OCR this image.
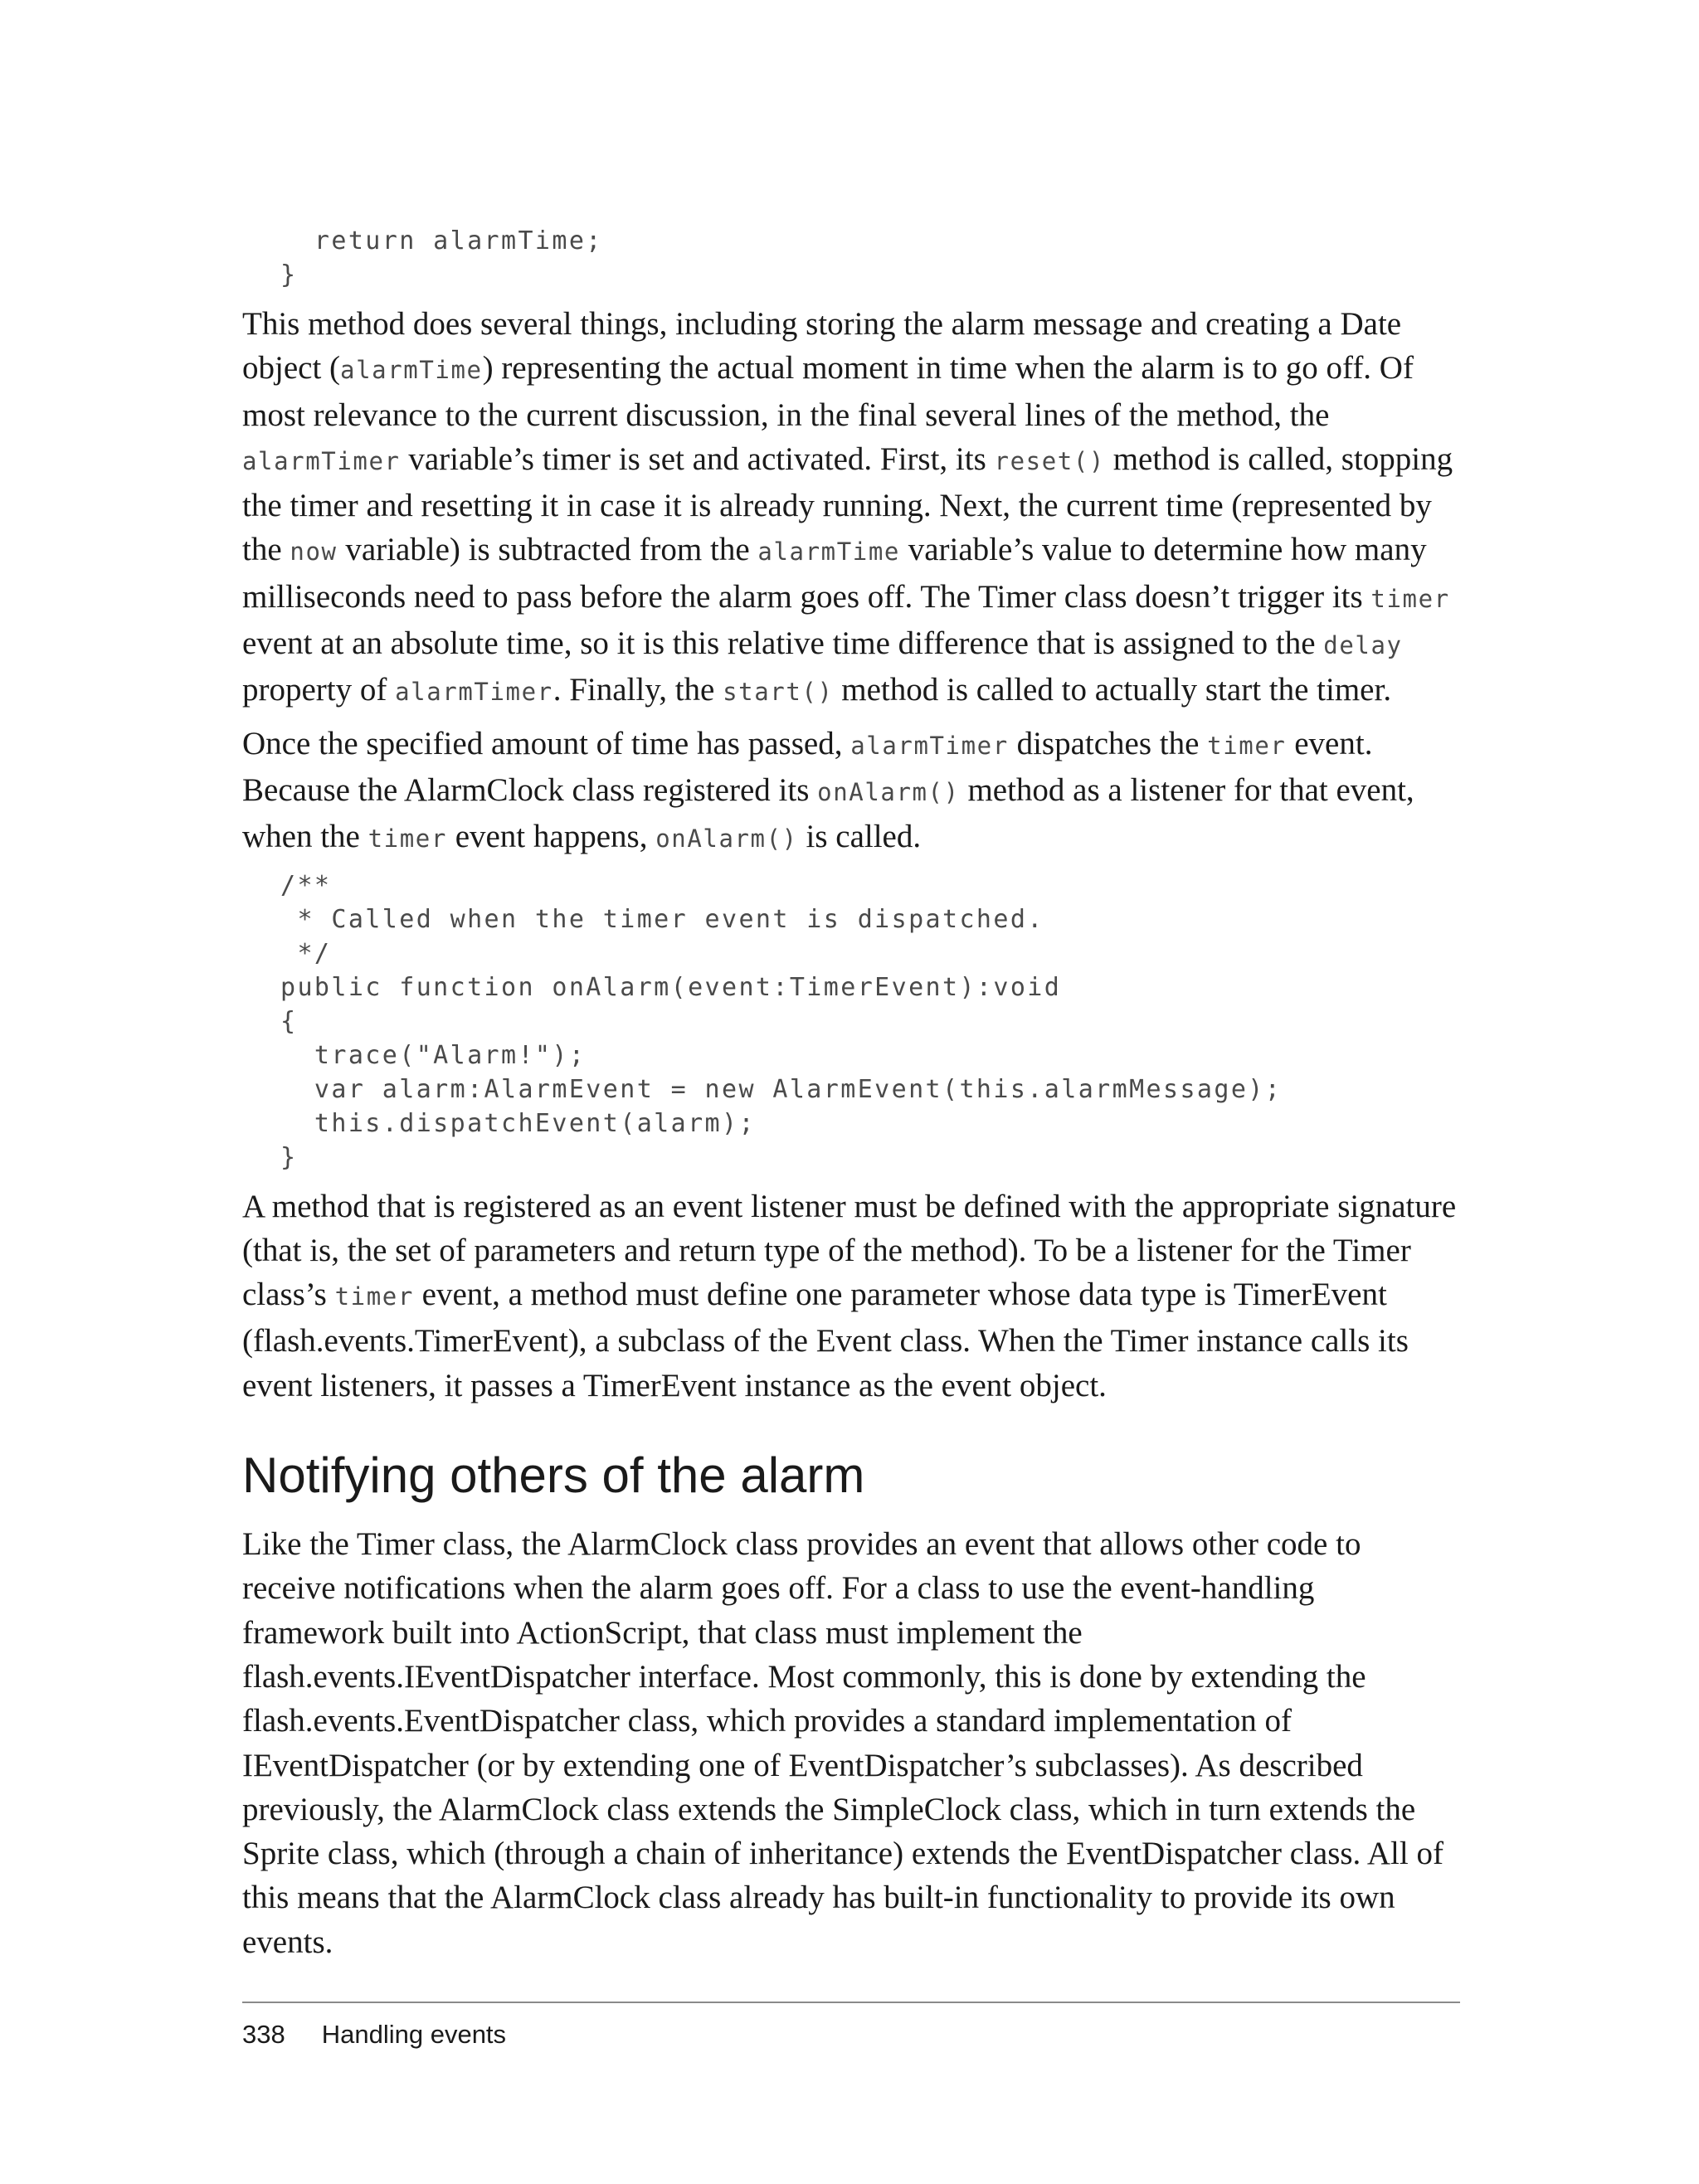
return alarmTime;
}

This method does several things, including storing the alarm message and creating a Date object (alarmTime) representing the actual moment in time when the alarm is to go off. Of most relevance to the current discussion, in the final several lines of the method, the alarmTimer variable’s timer is set and activated. First, its reset() method is called, stopping the timer and resetting it in case it is already running. Next, the current time (represented by the now variable) is subtracted from the alarmTime variable’s value to determine how many milliseconds need to pass before the alarm goes off. The Timer class doesn’t trigger its timer event at an absolute time, so it is this relative time difference that is assigned to the delay property of alarmTimer. Finally, the start() method is called to actually start the timer.

Once the specified amount of time has passed, alarmTimer dispatches the timer event. Because the AlarmClock class registered its onAlarm() method as a listener for that event, when the timer event happens, onAlarm() is called.

/**
* Called when the timer event is dispatched.
*/
public function onAlarm(event:TimerEvent):void
{
trace("Alarm!");
var alarm:AlarmEvent = new AlarmEvent(this.alarmMessage);
this.dispatchEvent(alarm);
}

A method that is registered as an event listener must be defined with the appropriate signature (that is, the set of parameters and return type of the method). To be a listener for the Timer class’s timer event, a method must define one parameter whose data type is TimerEvent (flash.events.TimerEvent), a subclass of the Event class. When the Timer instance calls its event listeners, it passes a TimerEvent instance as the event object.

Notifying others of the alarm

Like the Timer class, the AlarmClock class provides an event that allows other code to receive notifications when the alarm goes off. For a class to use the event-handling framework built into ActionScript, that class must implement the flash.events.IEventDispatcher interface. Most commonly, this is done by extending the flash.events.EventDispatcher class, which provides a standard implementation of IEventDispatcher (or by extending one of EventDispatcher’s subclasses). As described previously, the AlarmClock class extends the SimpleClock class, which in turn extends the Sprite class, which (through a chain of inheritance) extends the EventDispatcher class. All of this means that the AlarmClock class already has built-in functionality to provide its own events.

338 Handling events
